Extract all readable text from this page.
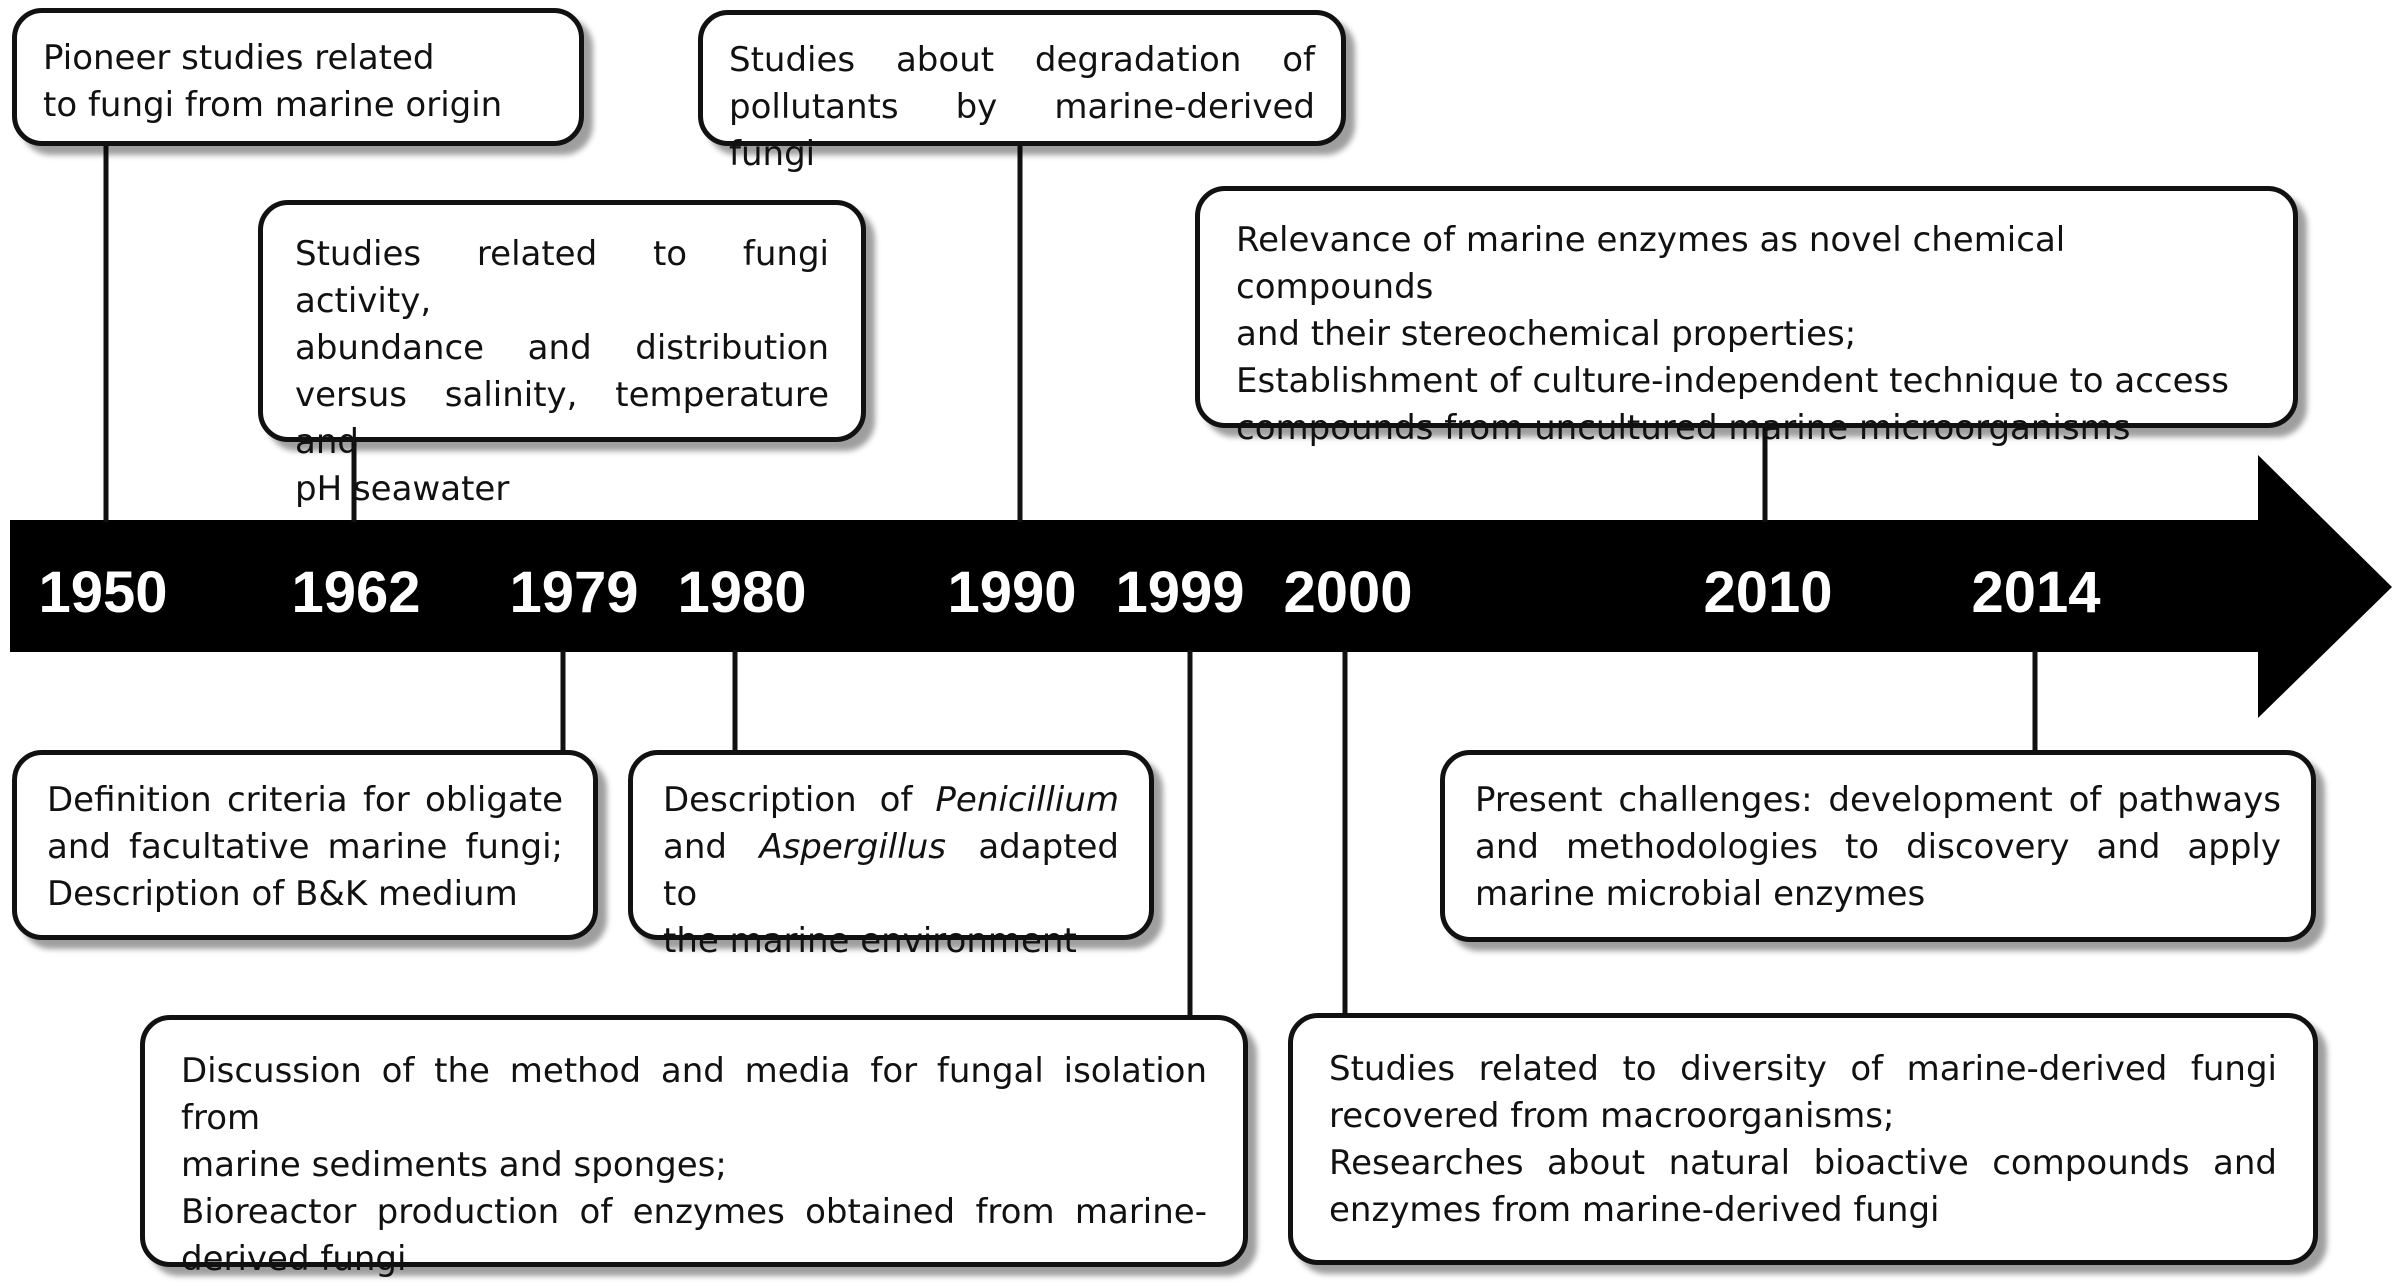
1950 1962 1979 1980 1990 1999 2000	2010 2014

Pioneer studies related

to fungi from marine origin

Studies about degradation of

pollutants by marine-derived fungi

Studies related to fungi activity,

abundance and distribution

versus salinity, temperature and

pH seawater

Relevance of marine enzymes as novel chemical compounds

and their stereochemical properties;

Establishment of culture-independent technique to access

compounds from uncultured marine microorganisms

Definition criteria for obligate

and facultative marine fungi;

Description of B&K medium

Description of Penicillium

and Aspergillus adapted to

the marine environment

Present challenges: development of pathways

and methodologies to discovery and apply

marine microbial enzymes

Discussion of the method and media for fungal isolation from

marine sediments and sponges;

Bioreactor production of enzymes obtained from marine-

derived fungi

Studies related to diversity of marine-derived fungi

recovered from macroorganisms;

Researches about natural bioactive compounds and

enzymes from marine-derived fungi
